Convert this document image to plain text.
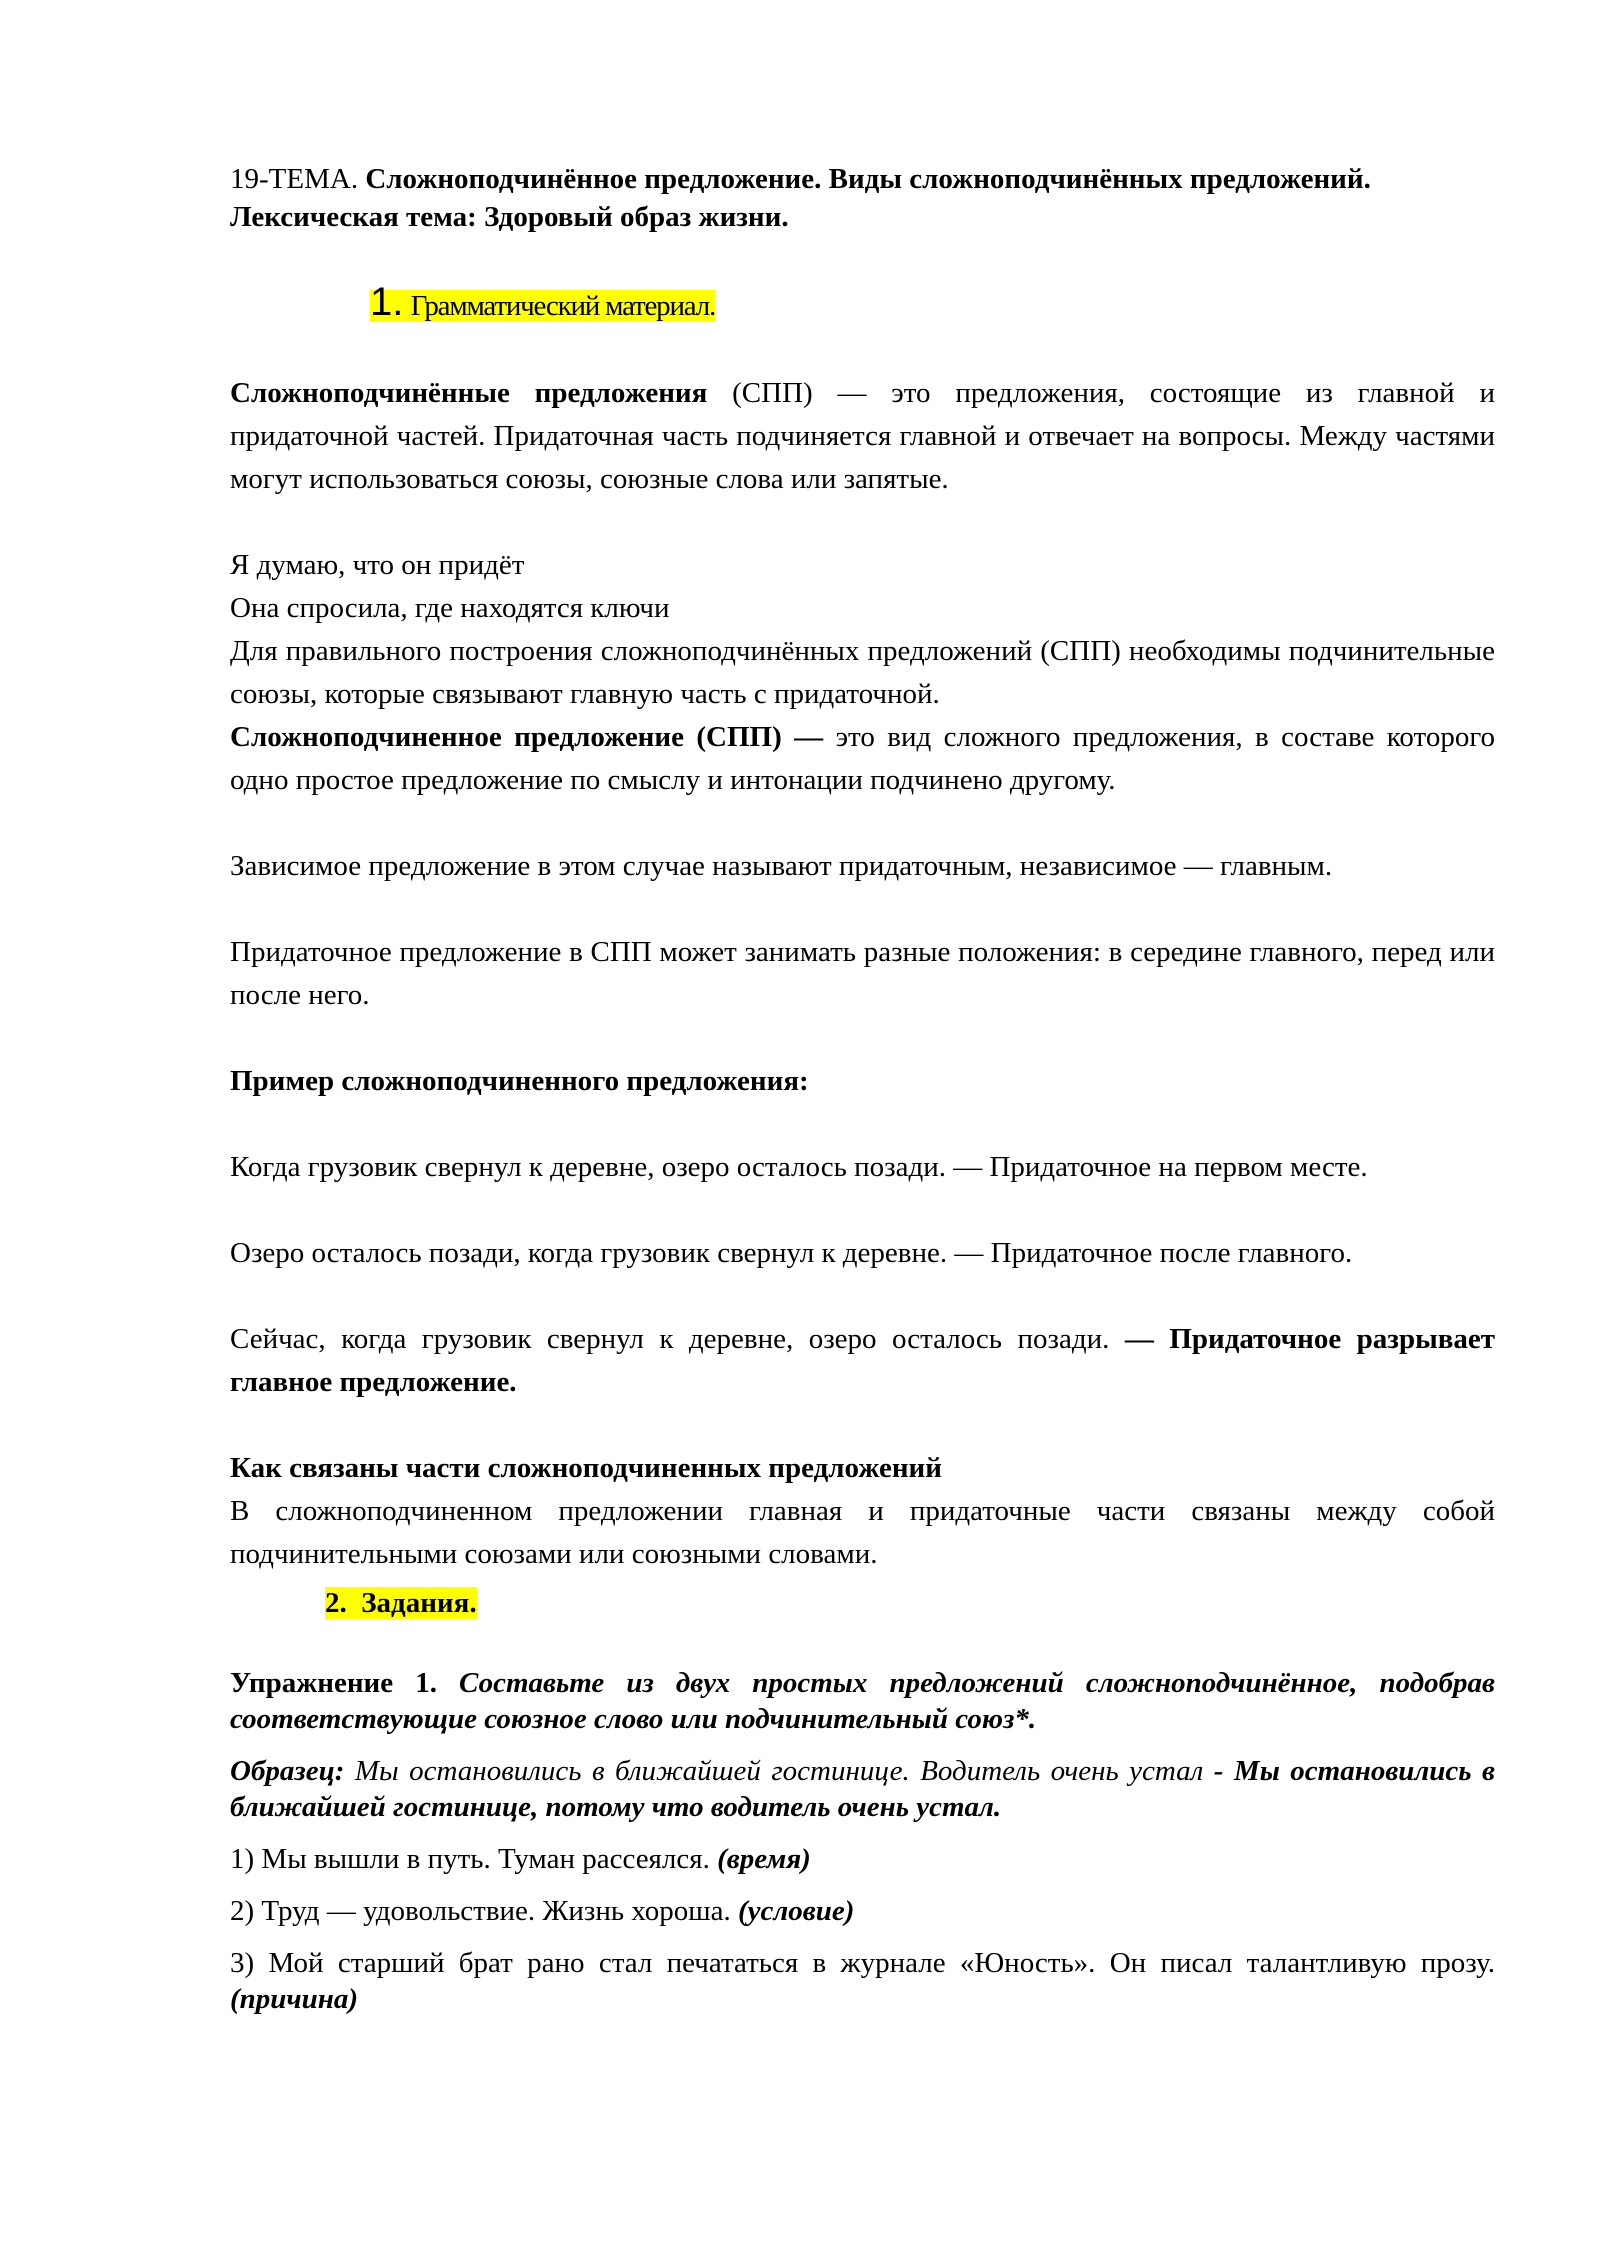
19-ТЕМА. Сложноподчинённое предложение. Виды сложноподчинённых предложений. Лексическая тема: Здоровый образ жизни.

1. Грамматический материал.

Сложноподчинённые предложения (СПП) — это предложения, состоящие из главной и придаточной частей. Придаточная часть подчиняется главной и отвечает на вопросы. Между частями могут использоваться союзы, союзные слова или запятые.

Я думаю, что он придёт

Она спросила, где находятся ключи

Для правильного построения сложноподчинённых предложений (СПП) необходимы подчинительные союзы, которые связывают главную часть с придаточной.

Сложноподчиненное предложение (СПП) — это вид сложного предложения, в составе которого одно простое предложение по смыслу и интонации подчинено другому.

Зависимое предложение в этом случае называют придаточным, независимое — главным.

Придаточное предложение в СПП может занимать разные положения: в середине главного, перед или после него.

Пример сложноподчиненного предложения:

Когда грузовик свернул к деревне, озеро осталось позади. — Придаточное на первом месте.

Озеро осталось позади, когда грузовик свернул к деревне. — Придаточное после главного.

Сейчас, когда грузовик свернул к деревне, озеро осталось позади. — Придаточное разрывает главное предложение.

Как связаны части сложноподчиненных предложений

В сложноподчиненном предложении главная и придаточные части связаны между собой подчинительными союзами или союзными словами.

2. Задания.

Упражнение 1. Составьте из двух простых предложений сложноподчинённое, подобрав соответствующие союзное слово или подчинительный союз*.

Образец: Мы остановились в ближайшей гостинице. Водитель очень устал - Мы остановились в ближайшей гостинице, потому что водитель очень устал.

1) Мы вышли в путь. Туман рассеялся. (время)

2) Труд — удовольствие. Жизнь хороша. (условие)

3) Мой старший брат рано стал печататься в журнале «Юность». Он писал талантливую прозу. (причина)
